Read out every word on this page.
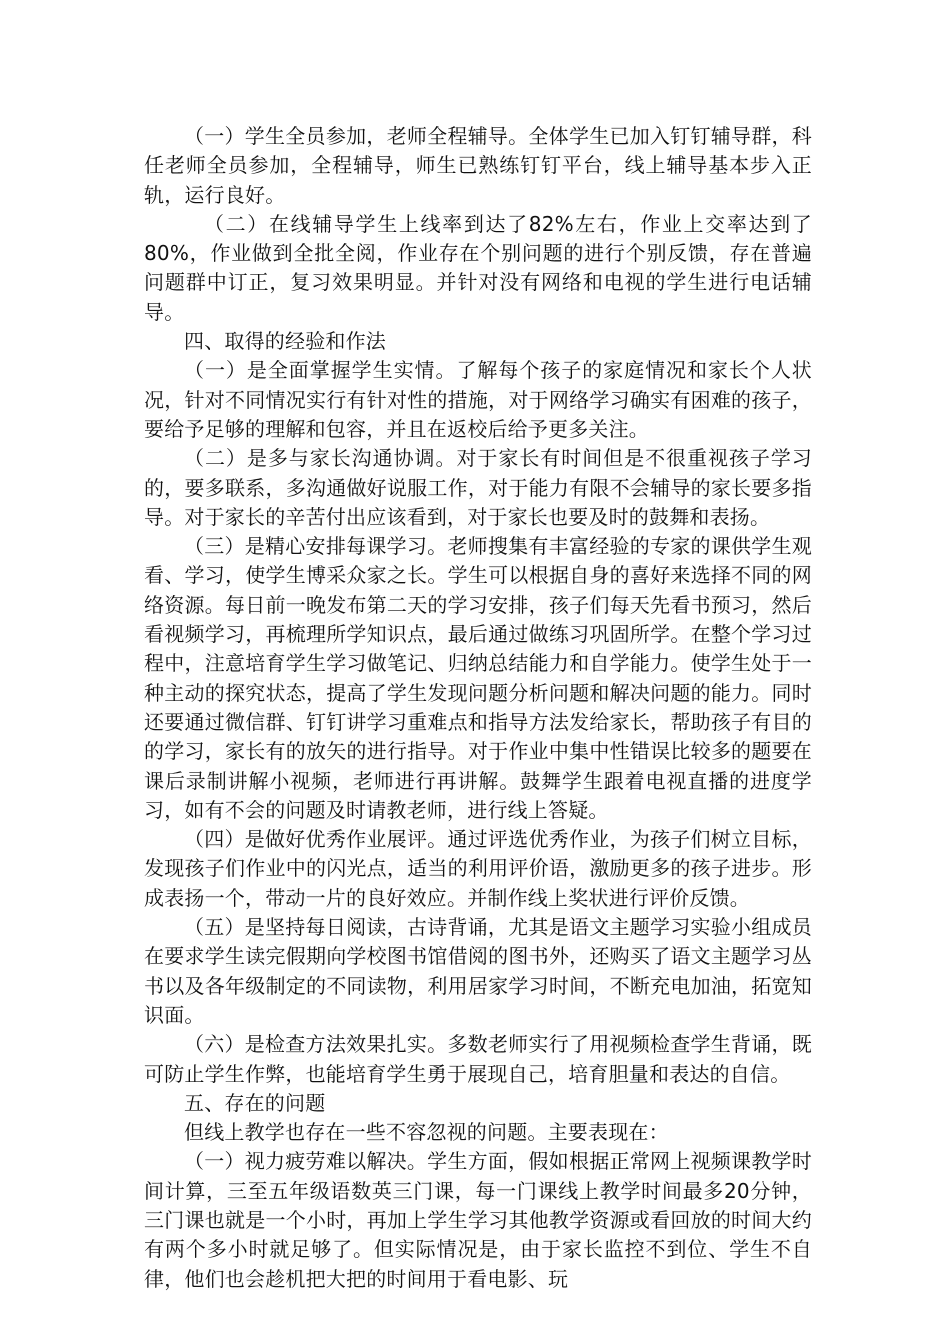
（一）学生全员参加，老师全程辅导。全体学生已加入钉钉辅导群，科任老师全员参加，全程辅导，师生已熟练钉钉平台，线上辅导基本步入正轨，运行良好。

（二）在线辅导学生上线率到达了82%左右，作业上交率达到了80%，作业做到全批全阅，作业存在个别问题的进行个别反馈，存在普遍问题群中订正，复习效果明显。并针对没有网络和电视的学生进行电话辅导。

四、取得的经验和作法

（一）是全面掌握学生实情。了解每个孩子的家庭情况和家长个人状况，针对不同情况实行有针对性的措施，对于网络学习确实有困难的孩子，要给予足够的理解和包容，并且在返校后给予更多关注。

（二）是多与家长沟通协调。对于家长有时间但是不很重视孩子学习的，要多联系，多沟通做好说服工作，对于能力有限不会辅导的家长要多指导。对于家长的辛苦付出应该看到，对于家长也要及时的鼓舞和表扬。

（三）是精心安排每课学习。老师搜集有丰富经验的专家的课供学生观看、学习，使学生博采众家之长。学生可以根据自身的喜好来选择不同的网络资源。每日前一晚发布第二天的学习安排，孩子们每天先看书预习，然后看视频学习，再梳理所学知识点，最后通过做练习巩固所学。在整个学习过程中，注意培育学生学习做笔记、归纳总结能力和自学能力。使学生处于一种主动的探究状态，提高了学生发现问题分析问题和解决问题的能力。同时还要通过微信群、钉钉讲学习重难点和指导方法发给家长，帮助孩子有目的的学习，家长有的放矢的进行指导。对于作业中集中性错误比较多的题要在课后录制讲解小视频，老师进行再讲解。鼓舞学生跟着电视直播的进度学习，如有不会的问题及时请教老师，进行线上答疑。

（四）是做好优秀作业展评。通过评选优秀作业，为孩子们树立目标，发现孩子们作业中的闪光点，适当的利用评价语，激励更多的孩子进步。形成表扬一个，带动一片的良好效应。并制作线上奖状进行评价反馈。

（五）是坚持每日阅读，古诗背诵，尤其是语文主题学习实验小组成员在要求学生读完假期向学校图书馆借阅的图书外，还购买了语文主题学习丛书以及各年级制定的不同读物，利用居家学习时间，不断充电加油，拓宽知识面。

（六）是检查方法效果扎实。多数老师实行了用视频检查学生背诵，既可防止学生作弊，也能培育学生勇于展现自己，培育胆量和表达的自信。

五、存在的问题

但线上教学也存在一些不容忽视的问题。主要表现在：

（一）视力疲劳难以解决。学生方面，假如根据正常网上视频课教学时间计算，三至五年级语数英三门课，每一门课线上教学时间最多20分钟，三门课也就是一个小时，再加上学生学习其他教学资源或看回放的时间大约有两个多小时就足够了。但实际情况是，由于家长监控不到位、学生不自律，他们也会趁机把大把的时间用于看电影、玩
